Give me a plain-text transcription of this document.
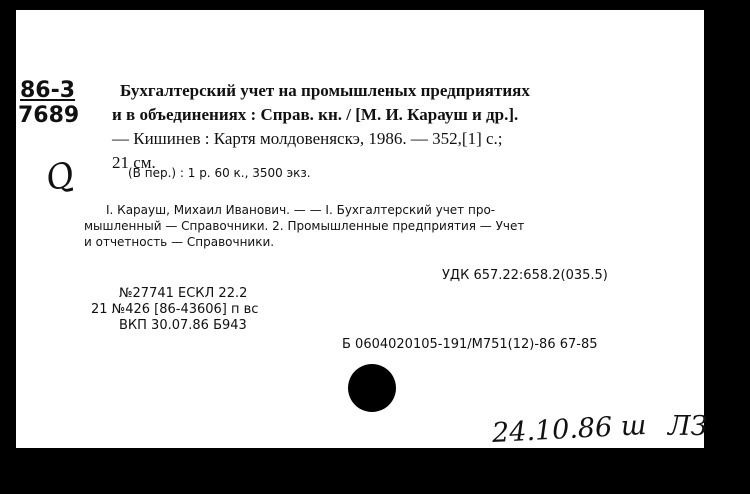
86-3
7689
Q
Бухгалтерский учет на промышленых предприятиях
и в объединениях : Справ. кн. / [М. И. Карауш и др.].
— Кишинев : Картя молдовеняскэ, 1986. — 352,[1] с.;
21 см.
(В пер.) : 1 р. 60 к., 3500 экз.
I. Карауш, Михаил Иванович. — — I. Бухгалтерский учет про-
мышленный — Справочники. 2. Промышленные предприятия — Учет
и отчетность — Справочники.
УДК 657.22:658.2(035.5)
№27741 ЕСКЛ 22.2
21 №426 [86-43606] п вс
ВКП 30.07.86 Б943
Б 0604020105-191/М751(12)-86 67-85
24.10.86 ш ЛЗ
